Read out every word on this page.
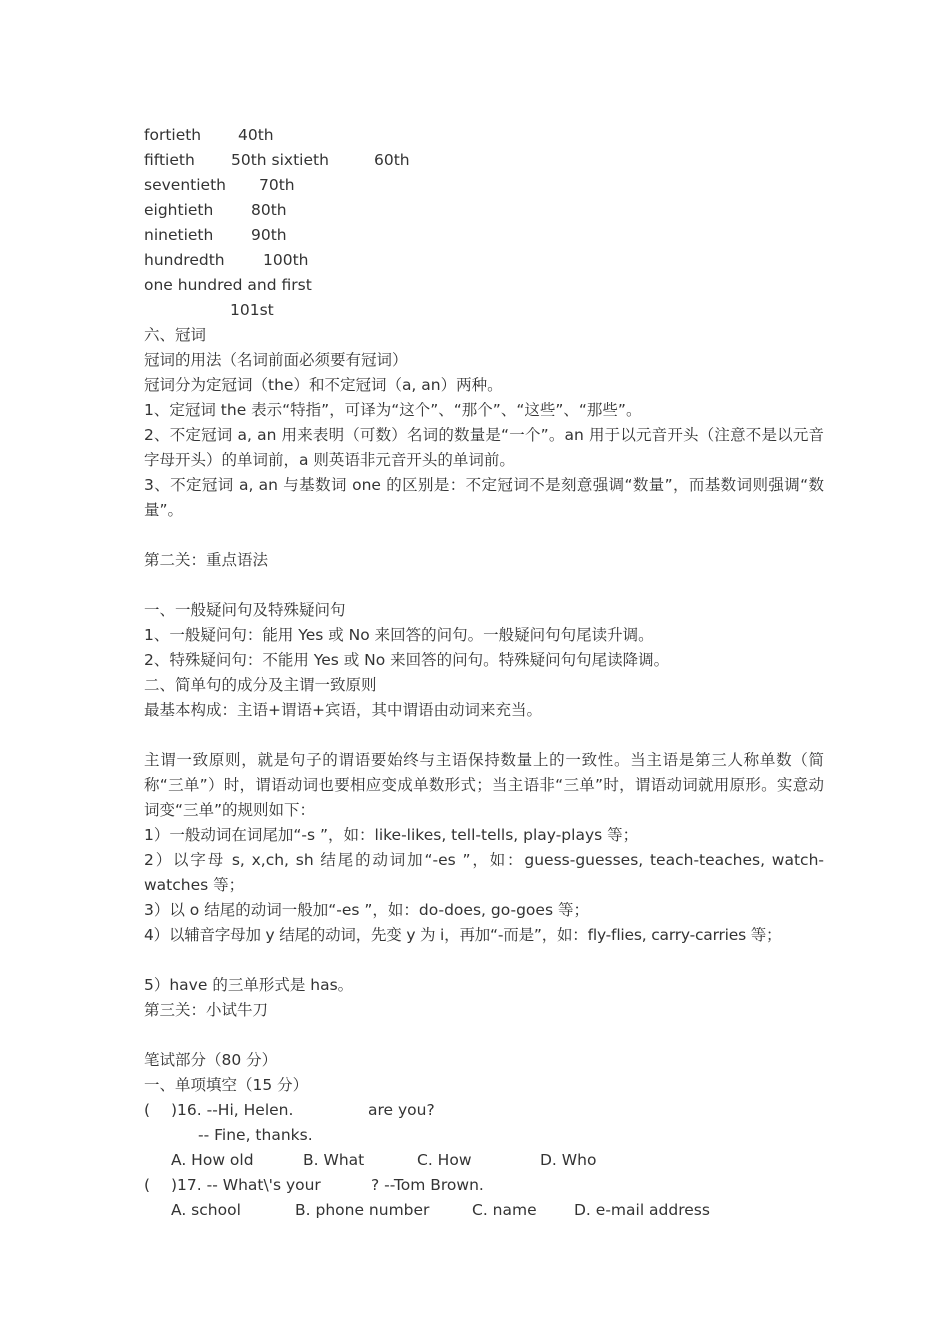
fortieth 40th
fiftieth 50th sixtieth	60th
seventieth 70th
eightieth 80th
ninetieth 90th
hundredth 100th
one hundred and first
101st
六、冠词
冠词的用法（名词前面必须要有冠词）
冠词分为定冠词（the）和不定冠词（a, an）两种。
1、定冠词 the 表示“特指”，可译为“这个”、“那个”、“这些”、“那些”。
2、不定冠词 a, an 用来表明（可数）名词的数量是“一个”。an 用于以元音开头（注意不是以元音字母开头）的单词前，a 则英语非元音开头的单词前。
3、不定冠词 a, an 与基数词 one 的区别是：不定冠词不是刻意强调“数量”，而基数词则强调“数量”。
第二关：重点语法
一、一般疑问句及特殊疑问句
1、一般疑问句：能用 Yes 或 No 来回答的问句。一般疑问句句尾读升调。
2、特殊疑问句：不能用 Yes 或 No 来回答的问句。特殊疑问句句尾读降调。
二、简单句的成分及主谓一致原则
最基本构成：主语+谓语+宾语，其中谓语由动词来充当。
主谓一致原则，就是句子的谓语要始终与主语保持数量上的一致性。当主语是第三人称单数（简称“三单”）时，谓语动词也要相应变成单数形式；当主语非“三单”时，谓语动词就用原形。实意动词变“三单”的规则如下：
1）一般动词在词尾加“-s ”，如：like-likes, tell-tells, play-plays 等；
2）以字母 s, x,ch, sh 结尾的动词加“-es ”，如：guess-guesses, teach-teaches, watch-watches 等；
3）以 o 结尾的动词一般加“-es ”，如：do-does, go-goes 等；
4）以辅音字母加 y 结尾的动词，先变 y 为 i，再加“-而是”，如：fly-flies, carry-carries 等；
5）have 的三单形式是 has。
第三关：小试牛刀
笔试部分（80 分）
一、单项填空（15 分）
( )16. --Hi, Helen.	are you?
-- Fine, thanks.
A. How old	B. What	C. How	D. Who
( )17. -- What\'s your	? --Tom Brown.
A. school	B. phone number	C. name D. e-mail address
